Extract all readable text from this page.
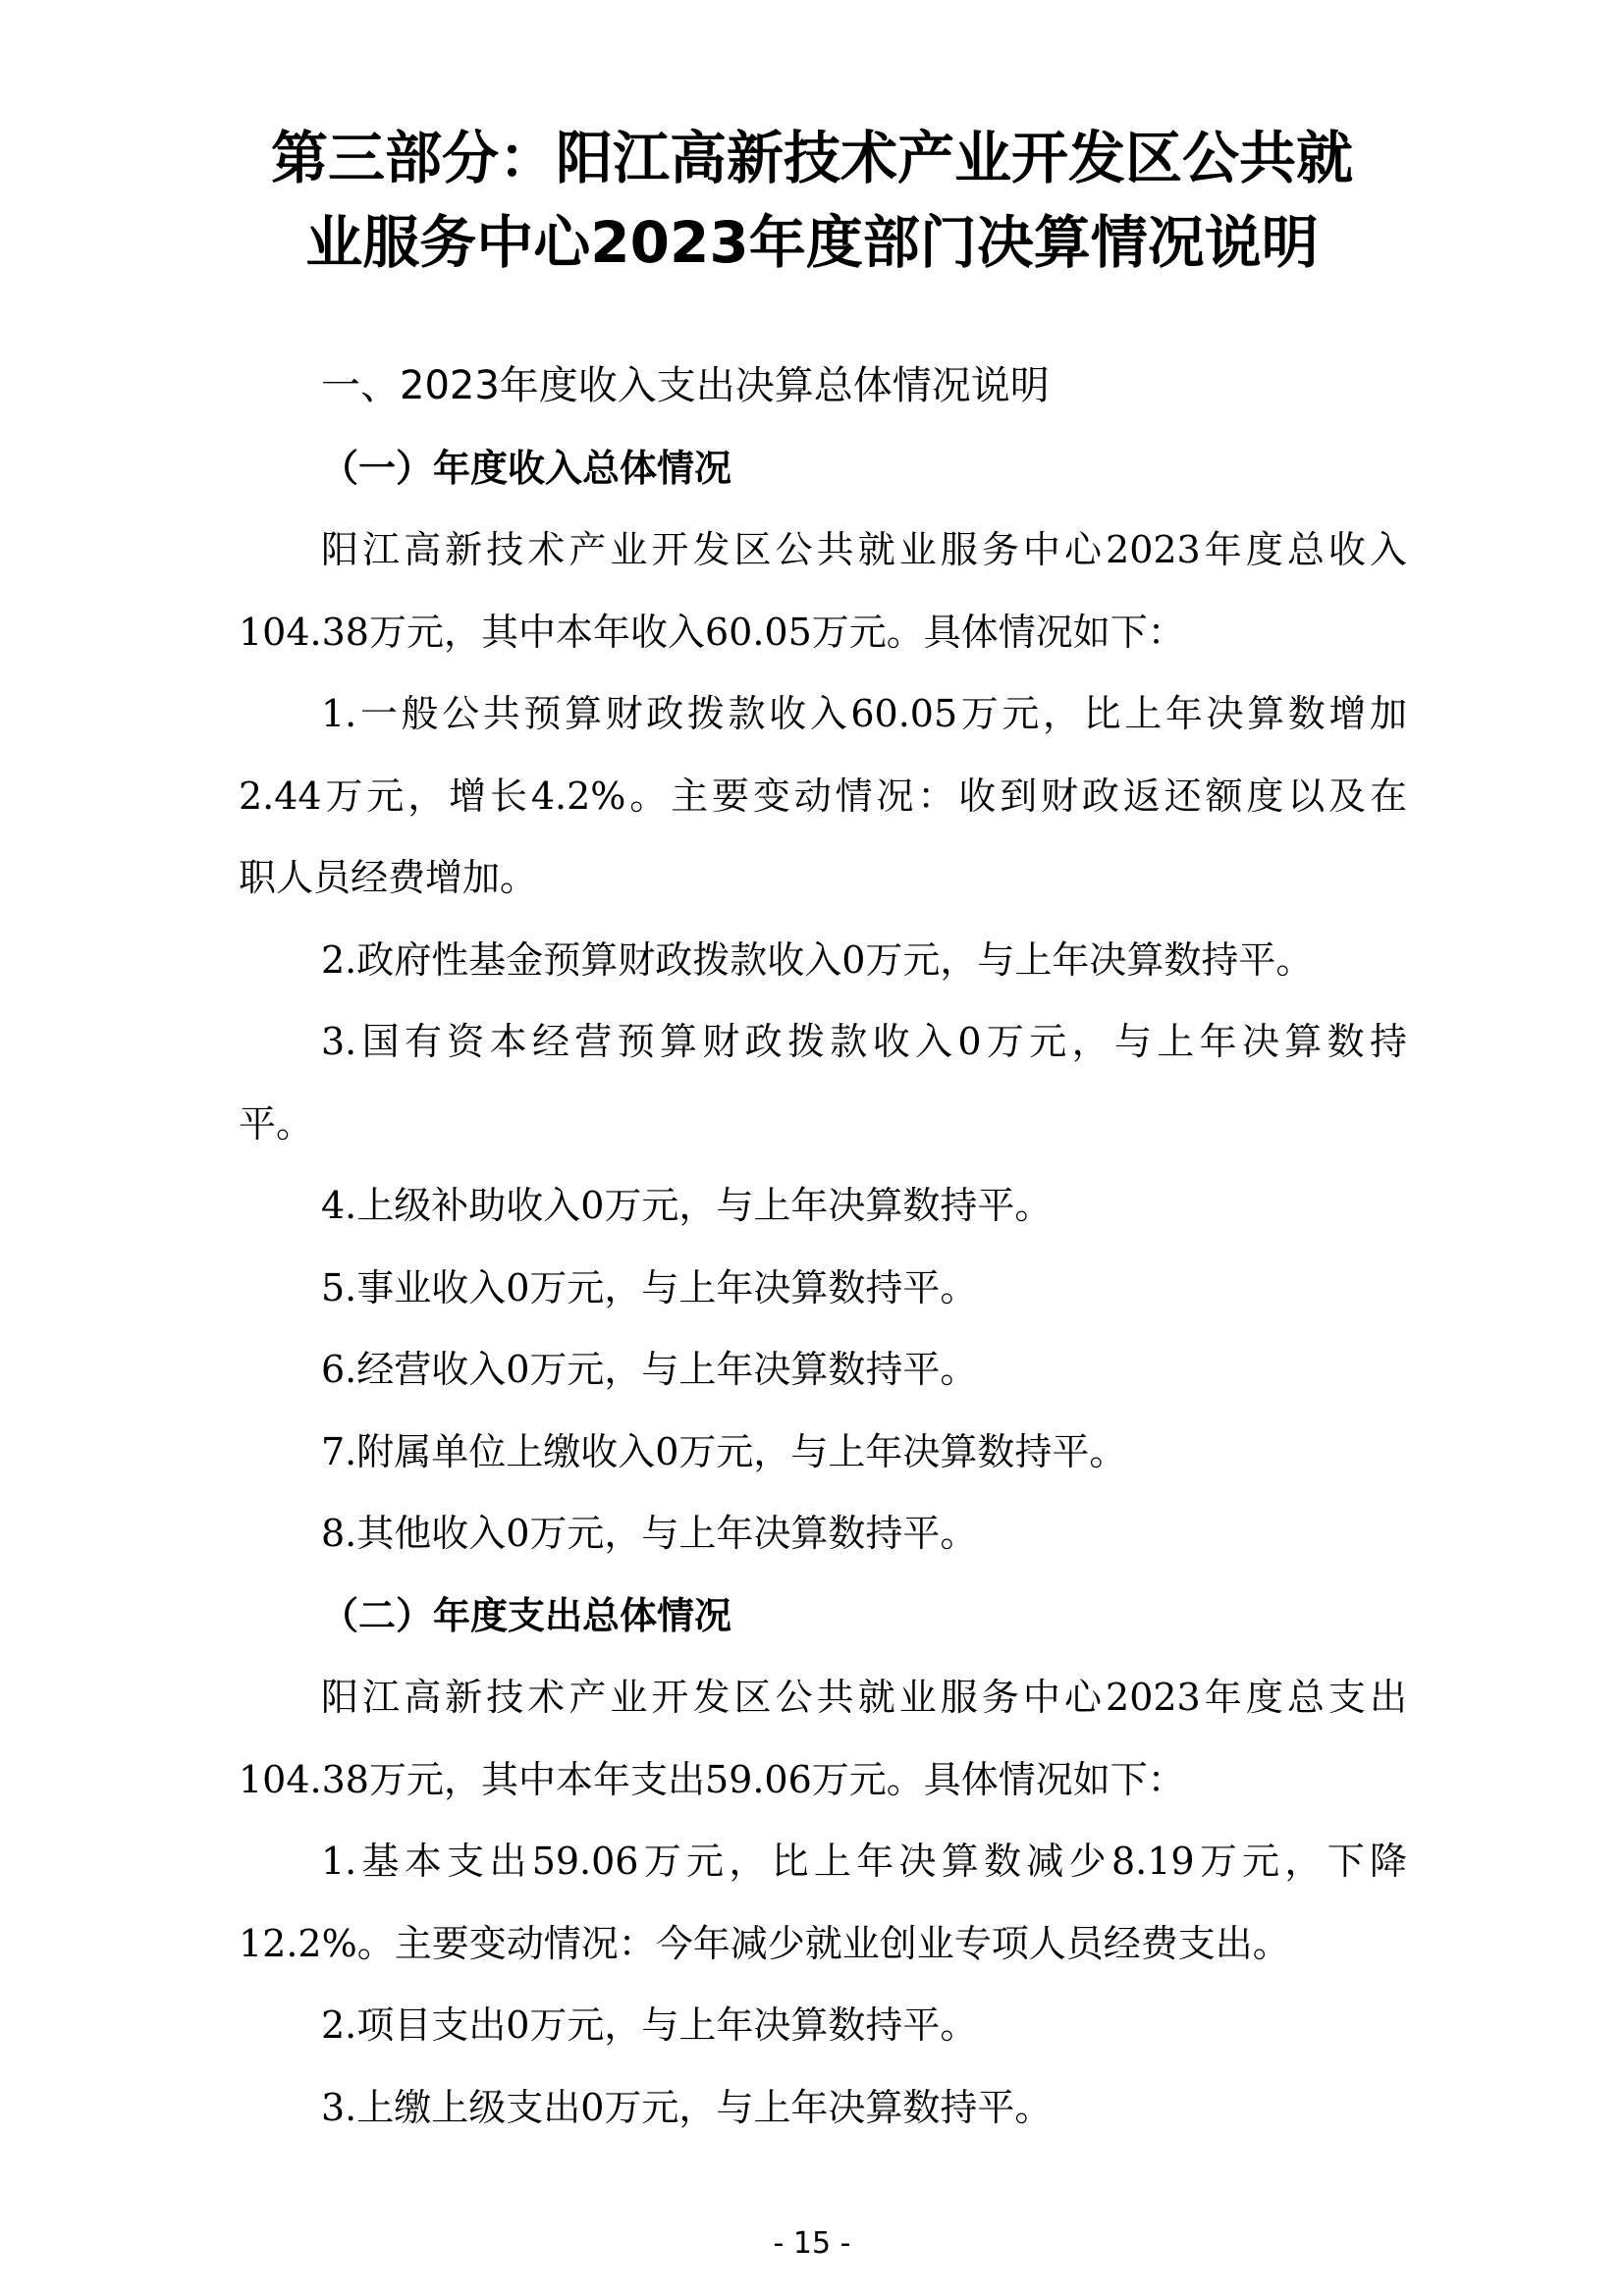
第三部分：阳江高新技术产业开发区公共就
业服务中心2023年度部门决算情况说明
一、2023年度收入支出决算总体情况说明
（一）年度收入总体情况
阳江高新技术产业开发区公共就业服务中心2023年度总收入
104.38万元，其中本年收入60.05万元。具体情况如下：
1.一般公共预算财政拨款收入60.05万元，比上年决算数增加
2.44万元，增长4.2%。主要变动情况：收到财政返还额度以及在
职人员经费增加。
2.政府性基金预算财政拨款收入0万元，与上年决算数持平。
3.国有资本经营预算财政拨款收入0万元，与上年决算数持
平。
4.上级补助收入0万元，与上年决算数持平。
5.事业收入0万元，与上年决算数持平。
6.经营收入0万元，与上年决算数持平。
7.附属单位上缴收入0万元，与上年决算数持平。
8.其他收入0万元，与上年决算数持平。
（二）年度支出总体情况
阳江高新技术产业开发区公共就业服务中心2023年度总支出
104.38万元，其中本年支出59.06万元。具体情况如下：
1.基本支出59.06万元，比上年决算数减少8.19万元，下降
12.2%。主要变动情况：今年减少就业创业专项人员经费支出。
2.项目支出0万元，与上年决算数持平。
3.上缴上级支出0万元，与上年决算数持平。
- 15 -
